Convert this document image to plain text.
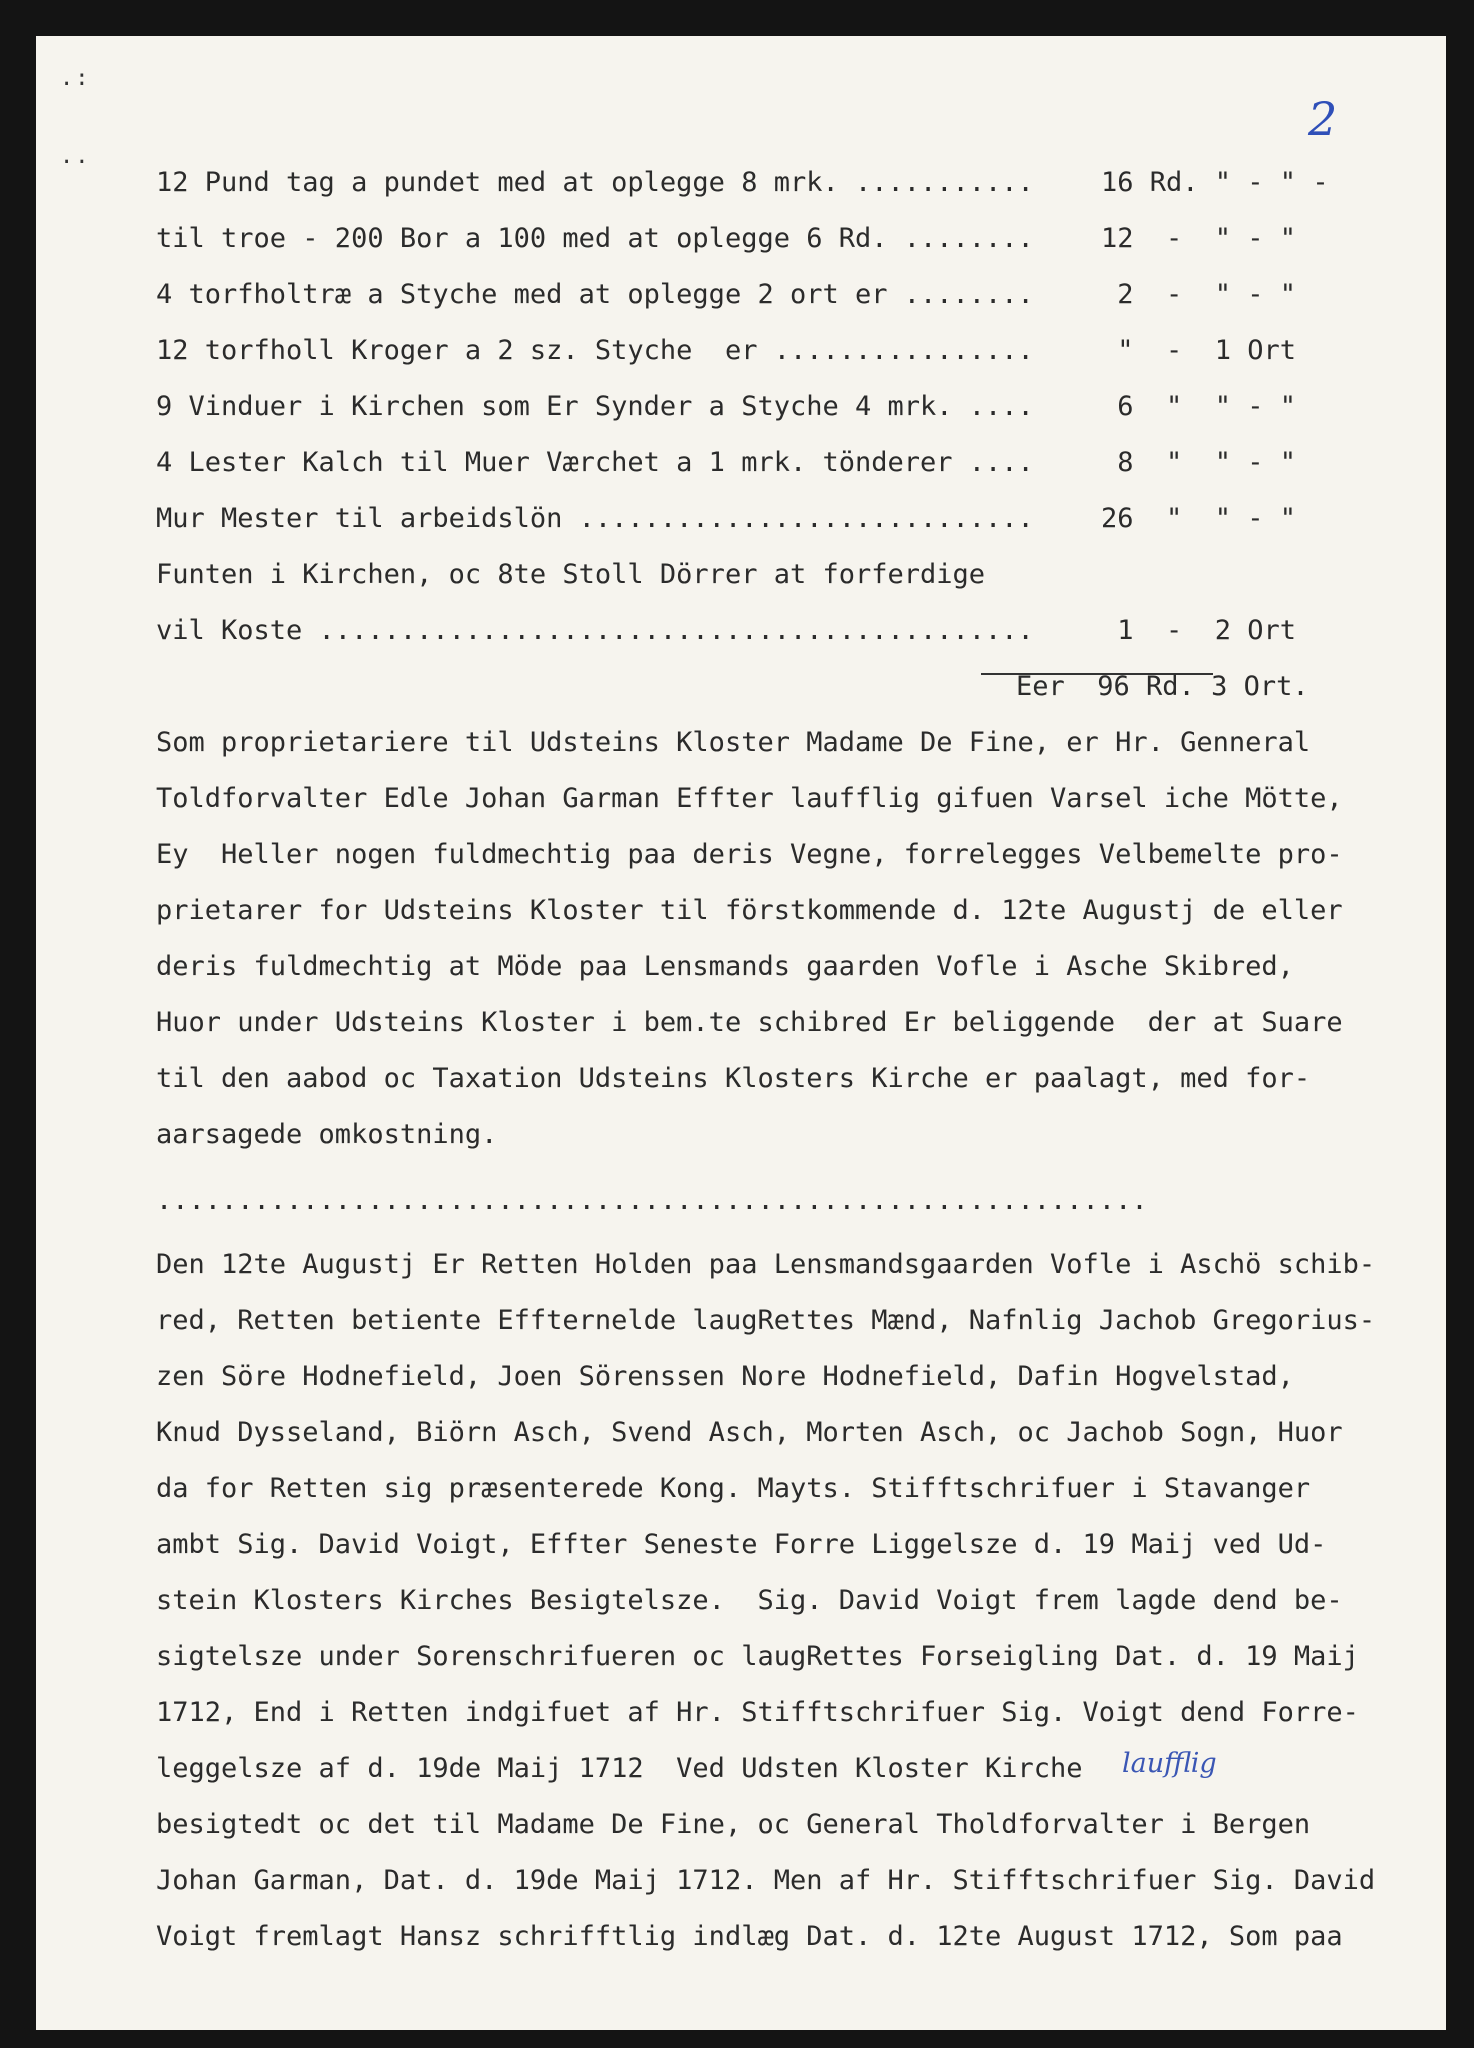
.:
..
2
12 Pund tag a pundet med at oplegge 8 mrk. ........... 16 Rd. " - " -
til troe - 200 Bor a 100 med at oplegge 6 Rd. ........ 12  -  " - "
4 torfholtræ a Styche med at oplegge 2 ort er ........ 2  -  " - "
12 torfholl Kroger a 2 sz. Styche  er ................ "  -  1 Ort
9 Vinduer i Kirchen som Er Synder a Styche 4 mrk. .... 6  "  " - "
4 Lester Kalch til Muer Værchet a 1 mrk. tönderer .... 8  "  " - "
Mur Mester til arbeidslön ............................ 26  "  " - "
Funten i Kirchen, oc 8te Stoll Dörrer at forferdige
vil Koste ............................................ 1  -  2 Ort
Eer  96 Rd. 3 Ort.
Som proprietariere til Udsteins Kloster Madame De Fine, er Hr. Genneral
Toldforvalter Edle Johan Garman Effter laufflig gifuen Varsel iche Mötte,
Ey  Heller nogen fuldmechtig paa deris Vegne, forrelegges Velbemelte pro-
prietarer for Udsteins Kloster til förstkommende d. 12te Augustj de eller
deris fuldmechtig at Möde paa Lensmands gaarden Vofle i Asche Skibred,
Huor under Udsteins Kloster i bem.te schibred Er beliggende  der at Suare
til den aabod oc Taxation Udsteins Klosters Kirche er paalagt, med for-
aarsagede omkostning.
.............................................................
Den 12te Augustj Er Retten Holden paa Lensmandsgaarden Vofle i Aschö schib-
red, Retten betiente Effternelde laugRettes Mænd, Nafnlig Jachob Gregorius-
zen Söre Hodnefield, Joen Sörenssen Nore Hodnefield, Dafin Hogvelstad,
Knud Dysseland, Biörn Asch, Svend Asch, Morten Asch, oc Jachob Sogn, Huor
da for Retten sig præsenterede Kong. Mayts. Stifftschrifuer i Stavanger
ambt Sig. David Voigt, Effter Seneste Forre Liggelsze d. 19 Maij ved Ud-
stein Klosters Kirches Besigtelsze.  Sig. David Voigt frem lagde dend be-
sigtelsze under Sorenschrifueren oc laugRettes Forseigling Dat. d. 19 Maij
1712, End i Retten indgifuet af Hr. Stifftschrifuer Sig. Voigt dend Forre-
leggelsze af d. 19de Maij 1712  Ved Udsten Kloster Kirche laufflig
besigtedt oc det til Madame De Fine, oc General Tholdforvalter i Bergen
Johan Garman, Dat. d. 19de Maij 1712. Men af Hr. Stifftschrifuer Sig. David
Voigt fremlagt Hansz schrifftlig indlæg Dat. d. 12te August 1712, Som paa
